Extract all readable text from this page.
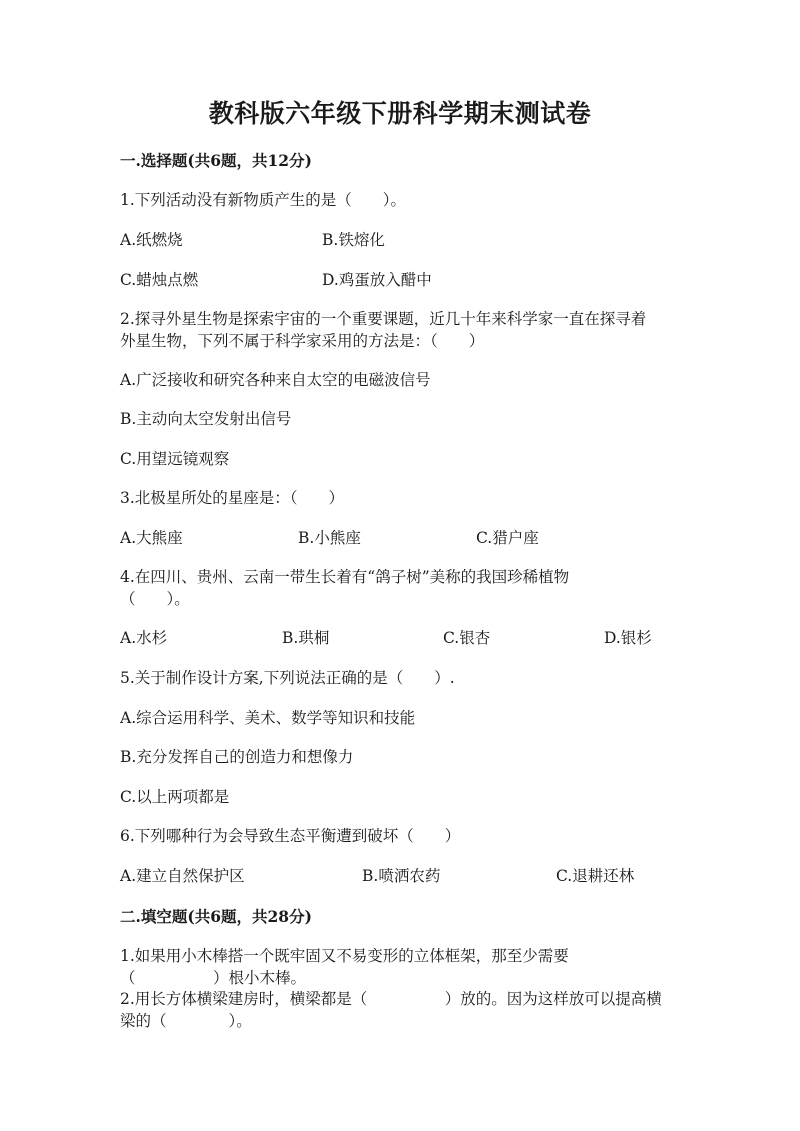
教科版六年级下册科学期末测试卷
一.选择题(共6题，共12分)
1.下列活动没有新物质产生的是（　　）。
A.纸燃烧	B.铁熔化
C.蜡烛点燃	D.鸡蛋放入醋中
2.探寻外星生物是探索宇宙的一个重要课题，近几十年来科学家一直在探寻着
外星生物，下列不属于科学家采用的方法是：（　　）
A.广泛接收和研究各种来自太空的电磁波信号
B.主动向太空发射出信号
C.用望远镜观察
3.北极星所处的星座是：（　　）
A.大熊座	B.小熊座	C.猎户座
4.在四川、贵州、云南一带生长着有“鸽子树”美称的我国珍稀植物
（　　）。
A.水杉	B.珙桐	C.银杏	D.银杉
5.关于制作设计方案,下列说法正确的是（　　）.
A.综合运用科学、美术、数学等知识和技能
B.充分发挥自己的创造力和想像力
C.以上两项都是
6.下列哪种行为会导致生态平衡遭到破坏（　　）
A.建立自然保护区	B.喷洒农药	C.退耕还林
二.填空题(共6题，共28分)
1.如果用小木棒搭一个既牢固又不易变形的立体框架，那至少需要
（　　　　　）根小木棒。
2.用长方体横梁建房时，横梁都是（　　　　　）放的。因为这样放可以提高横
梁的（　　　　）。
